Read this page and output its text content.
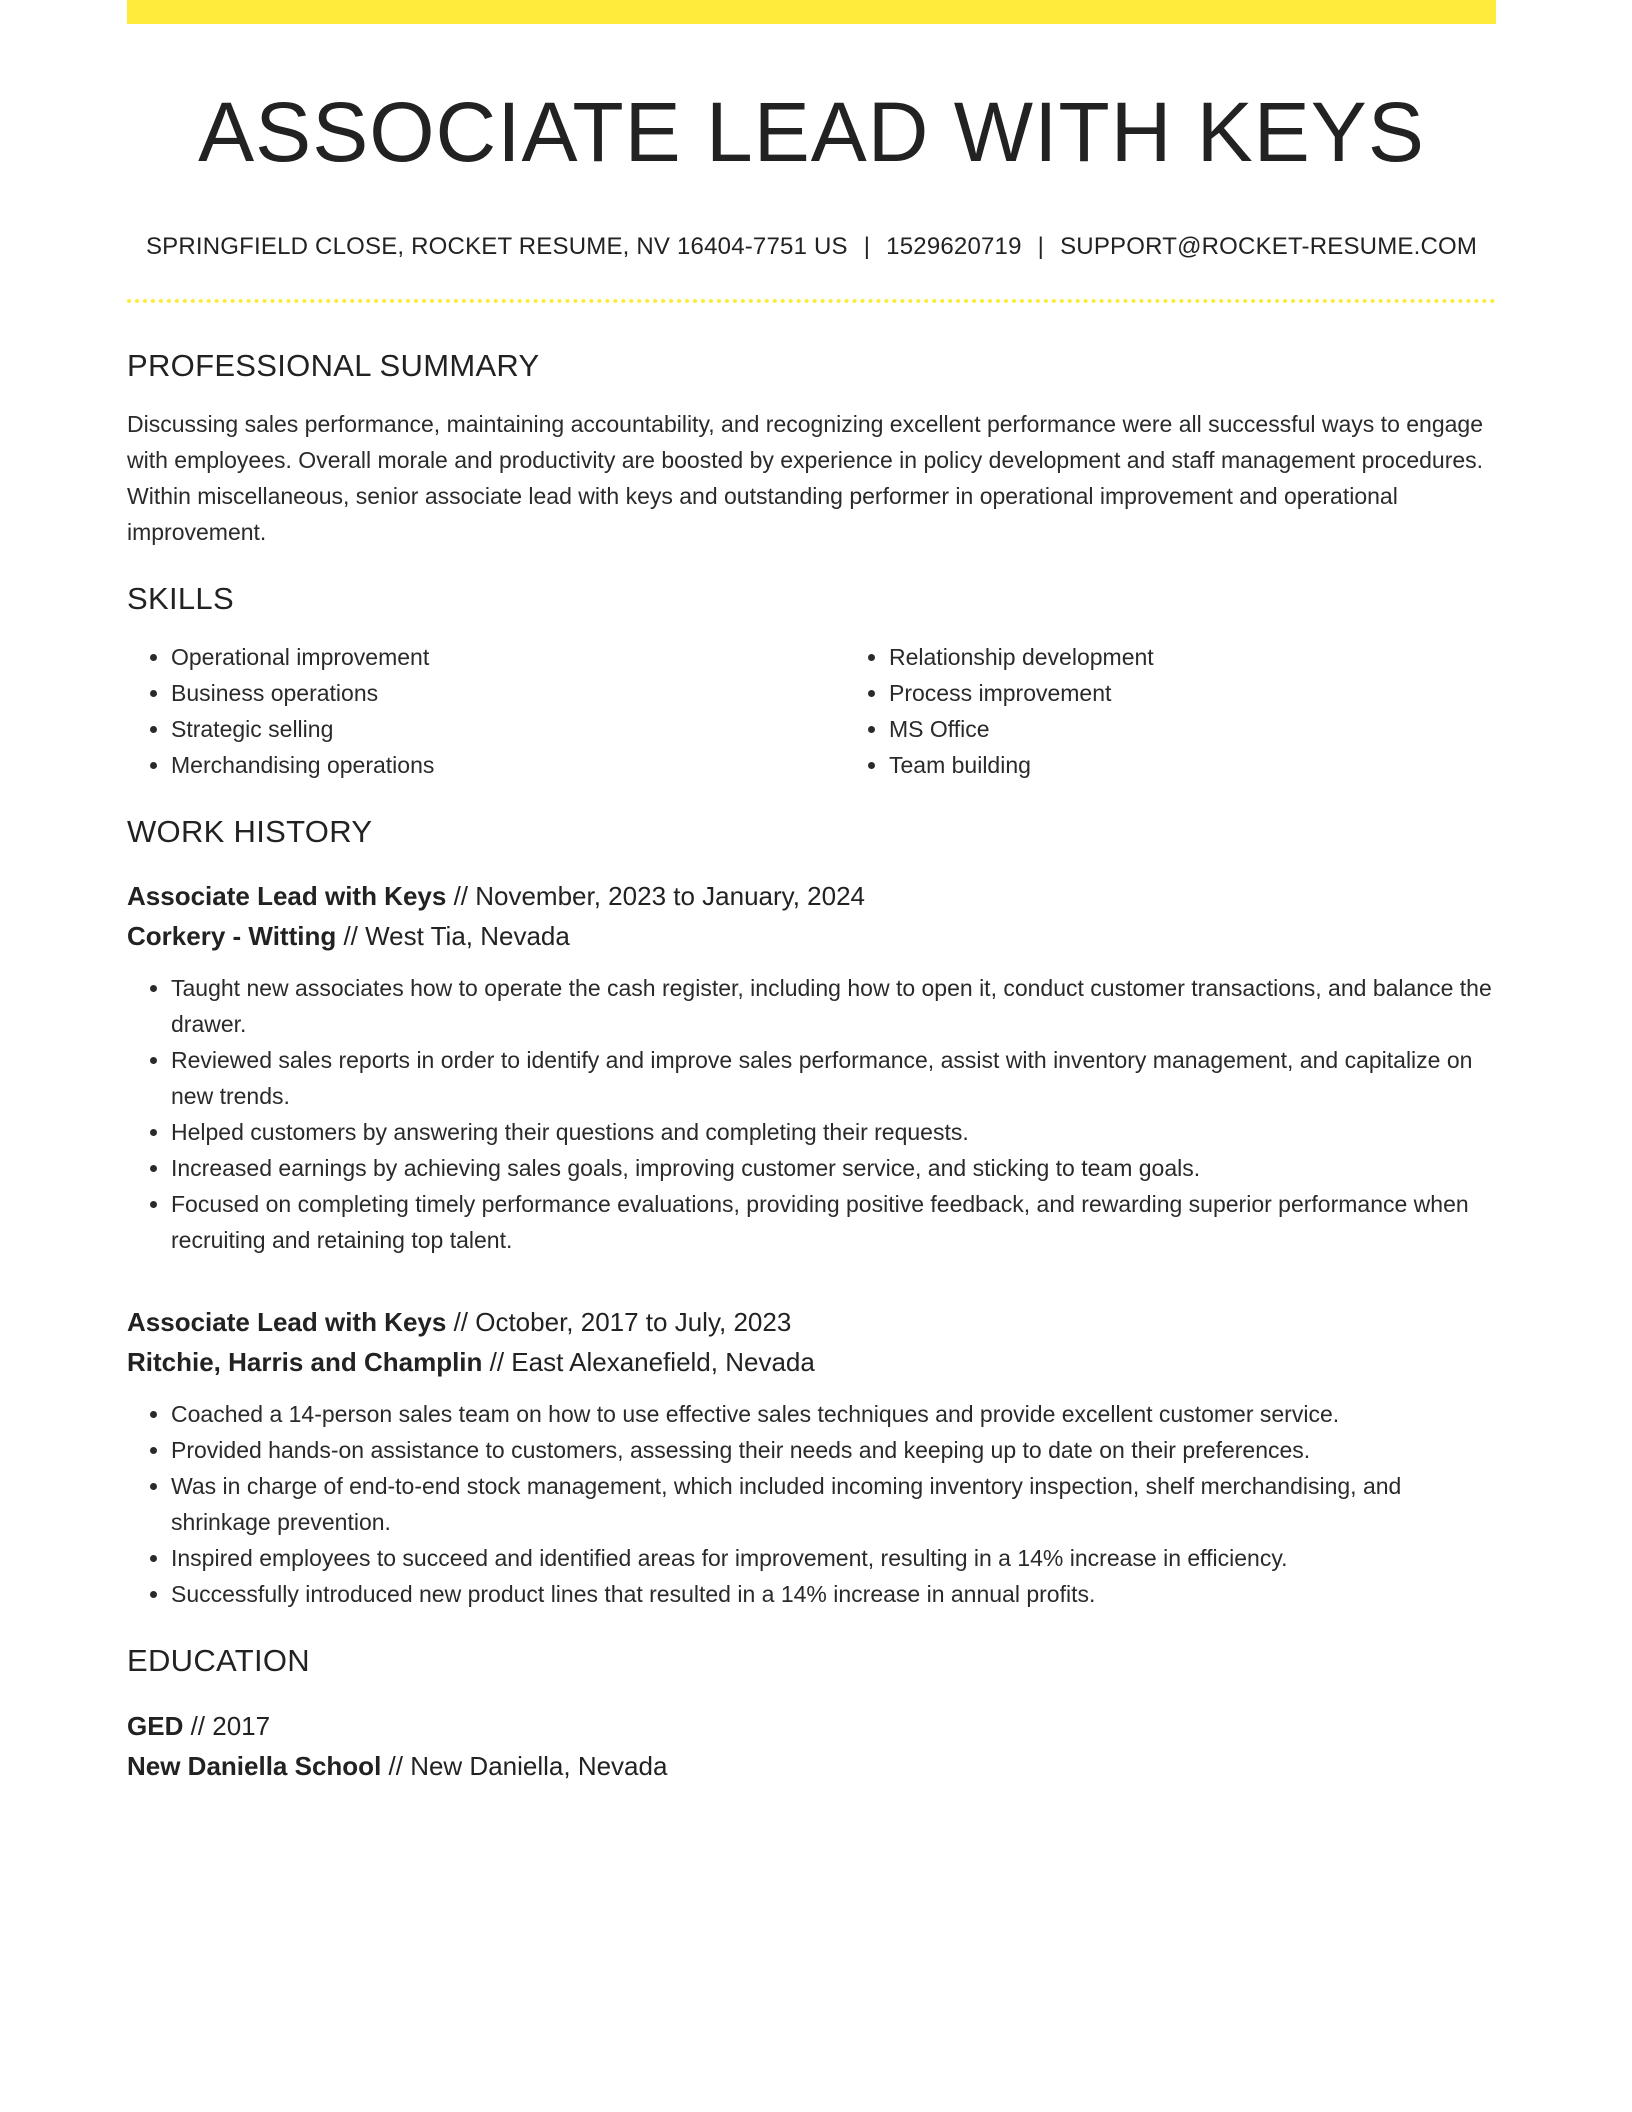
ASSOCIATE LEAD WITH KEYS
SPRINGFIELD CLOSE, ROCKET RESUME, NV 16404-7751 US | 1529620719 | SUPPORT@ROCKET-RESUME.COM
PROFESSIONAL SUMMARY
Discussing sales performance, maintaining accountability, and recognizing excellent performance were all successful ways to engage with employees. Overall morale and productivity are boosted by experience in policy development and staff management procedures. Within miscellaneous, senior associate lead with keys and outstanding performer in operational improvement and operational improvement.
SKILLS
• Operational improvement
• Business operations
• Strategic selling
• Merchandising operations
• Relationship development
• Process improvement
• MS Office
• Team building
WORK HISTORY
Associate Lead with Keys // November, 2023 to January, 2024
Corkery - Witting // West Tia, Nevada
• Taught new associates how to operate the cash register, including how to open it, conduct customer transactions, and balance the drawer.
• Reviewed sales reports in order to identify and improve sales performance, assist with inventory management, and capitalize on new trends.
• Helped customers by answering their questions and completing their requests.
• Increased earnings by achieving sales goals, improving customer service, and sticking to team goals.
• Focused on completing timely performance evaluations, providing positive feedback, and rewarding superior performance when recruiting and retaining top talent.
Associate Lead with Keys // October, 2017 to July, 2023
Ritchie, Harris and Champlin // East Alexanefield, Nevada
• Coached a 14-person sales team on how to use effective sales techniques and provide excellent customer service.
• Provided hands-on assistance to customers, assessing their needs and keeping up to date on their preferences.
• Was in charge of end-to-end stock management, which included incoming inventory inspection, shelf merchandising, and shrinkage prevention.
• Inspired employees to succeed and identified areas for improvement, resulting in a 14% increase in efficiency.
• Successfully introduced new product lines that resulted in a 14% increase in annual profits.
EDUCATION
GED // 2017
New Daniella School // New Daniella, Nevada
